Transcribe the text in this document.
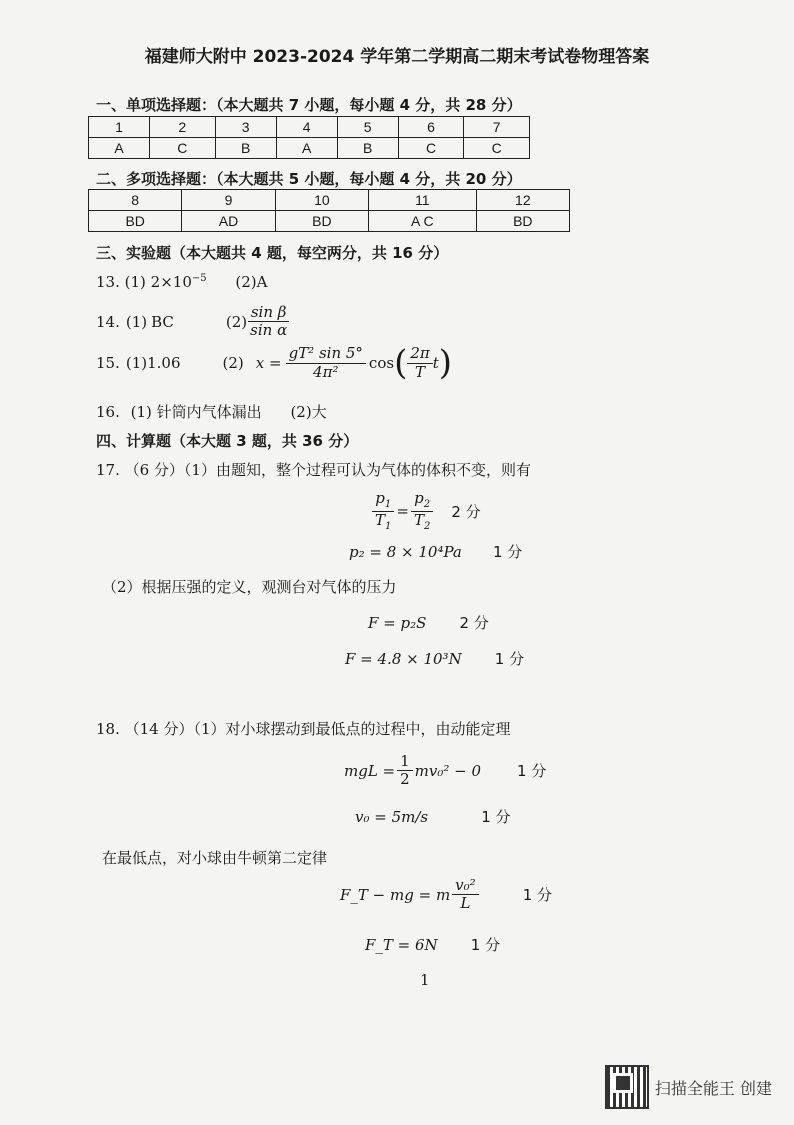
福建师大附中 2023-2024 学年第二学期高二期末考试卷物理答案
一、单项选择题：（本大题共 7 小题，每小题 4 分，共 28 分）
1	2	3	4	5	6	7
A	C	B	A	B	C	C
二、多项选择题：（本大题共 5 小题，每小题 4 分，共 20 分）
8	9	10	11	12
BD	AD	BD	A C	BD
三、实验题（本大题共 4 题，每空两分，共 16 分）
13. (1) $2\times 10^{-5}$ (2)A
14. (1) BC	$(2) \frac{\text{sin β}}{\text{sin α}}$
15. (1)1.06	(2) $x = \frac{\text{gT² sin 5°}}{\text{4π²}}$ cos ( $\frac{2\pi}{T}$ t )
16. (1) 针筒内气体漏出 (2)大
四、计算题（本大题 3 题，共 36 分）
17. （6 分）（1）由题知，整个过程可认为气体的体积不变，则有
$\frac{p_1}{T_1} = \frac{p_2}{T_2} 2$ 分
p₂ = 8 × 10⁴Pa 1 分
（2）根据压强的定义，观测台对气体的压力
F = p₂S 2 分
F = 4.8 × 10³N 1 分
18. （14 分）（1）对小球摆动到最低点的过程中，由动能定理
mgL = $\frac{1}{2} mv_0^2 - 0$ 1 分
v₀ = 5m/s	1 分
在最低点，对小球由牛顿第二定律
F_T − mg = m $\frac{\text{v₀²}}{L}$	1 分
F_T = 6N 1 分
1
扫描全能王 创建
